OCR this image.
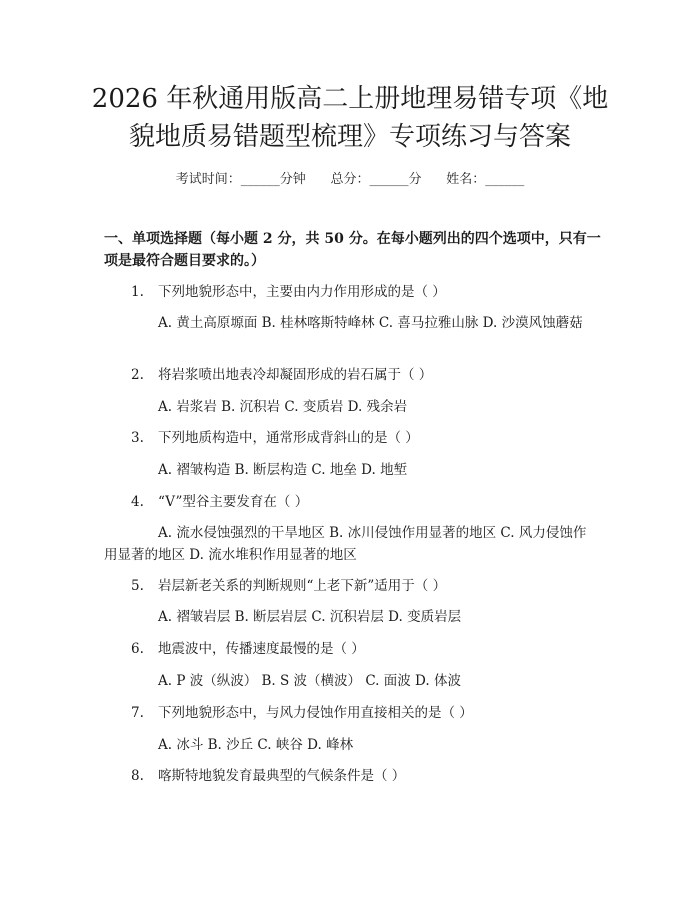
2026 年秋通用版高二上册地理易错专项《地
貌地质易错题型梳理》专项练习与答案
考试时间：______分钟      总分：______分      姓名：______

一、单项选择题（每小题 2 分，共 50 分。在每小题列出的四个选项中，只有一项是最符合题目要求的。）

1. 下列地貌形态中，主要由内力作用形成的是（ ）
A. 黄土高原塬面 B. 桂林喀斯特峰林 C. 喜马拉雅山脉 D. 沙漠风蚀蘑菇
2. 将岩浆喷出地表冷却凝固形成的岩石属于（ ）
A. 岩浆岩 B. 沉积岩 C. 变质岩 D. 残余岩
3. 下列地质构造中，通常形成背斜山的是（ ）
A. 褶皱构造 B. 断层构造 C. 地垒 D. 地堑
4. “V”型谷主要发育在（ ）
A. 流水侵蚀强烈的干旱地区 B. 冰川侵蚀作用显著的地区 C. 风力侵蚀作用显著的地区 D. 流水堆积作用显著的地区
5. 岩层新老关系的判断规则“上老下新”适用于（ ）
A. 褶皱岩层 B. 断层岩层 C. 沉积岩层 D. 变质岩层
6. 地震波中，传播速度最慢的是（ ）
A. P 波（纵波） B. S 波（横波） C. 面波 D. 体波
7. 下列地貌形态中，与风力侵蚀作用直接相关的是（ ）
A. 冰斗 B. 沙丘 C. 峡谷 D. 峰林
8. 喀斯特地貌发育最典型的气候条件是（ ）
